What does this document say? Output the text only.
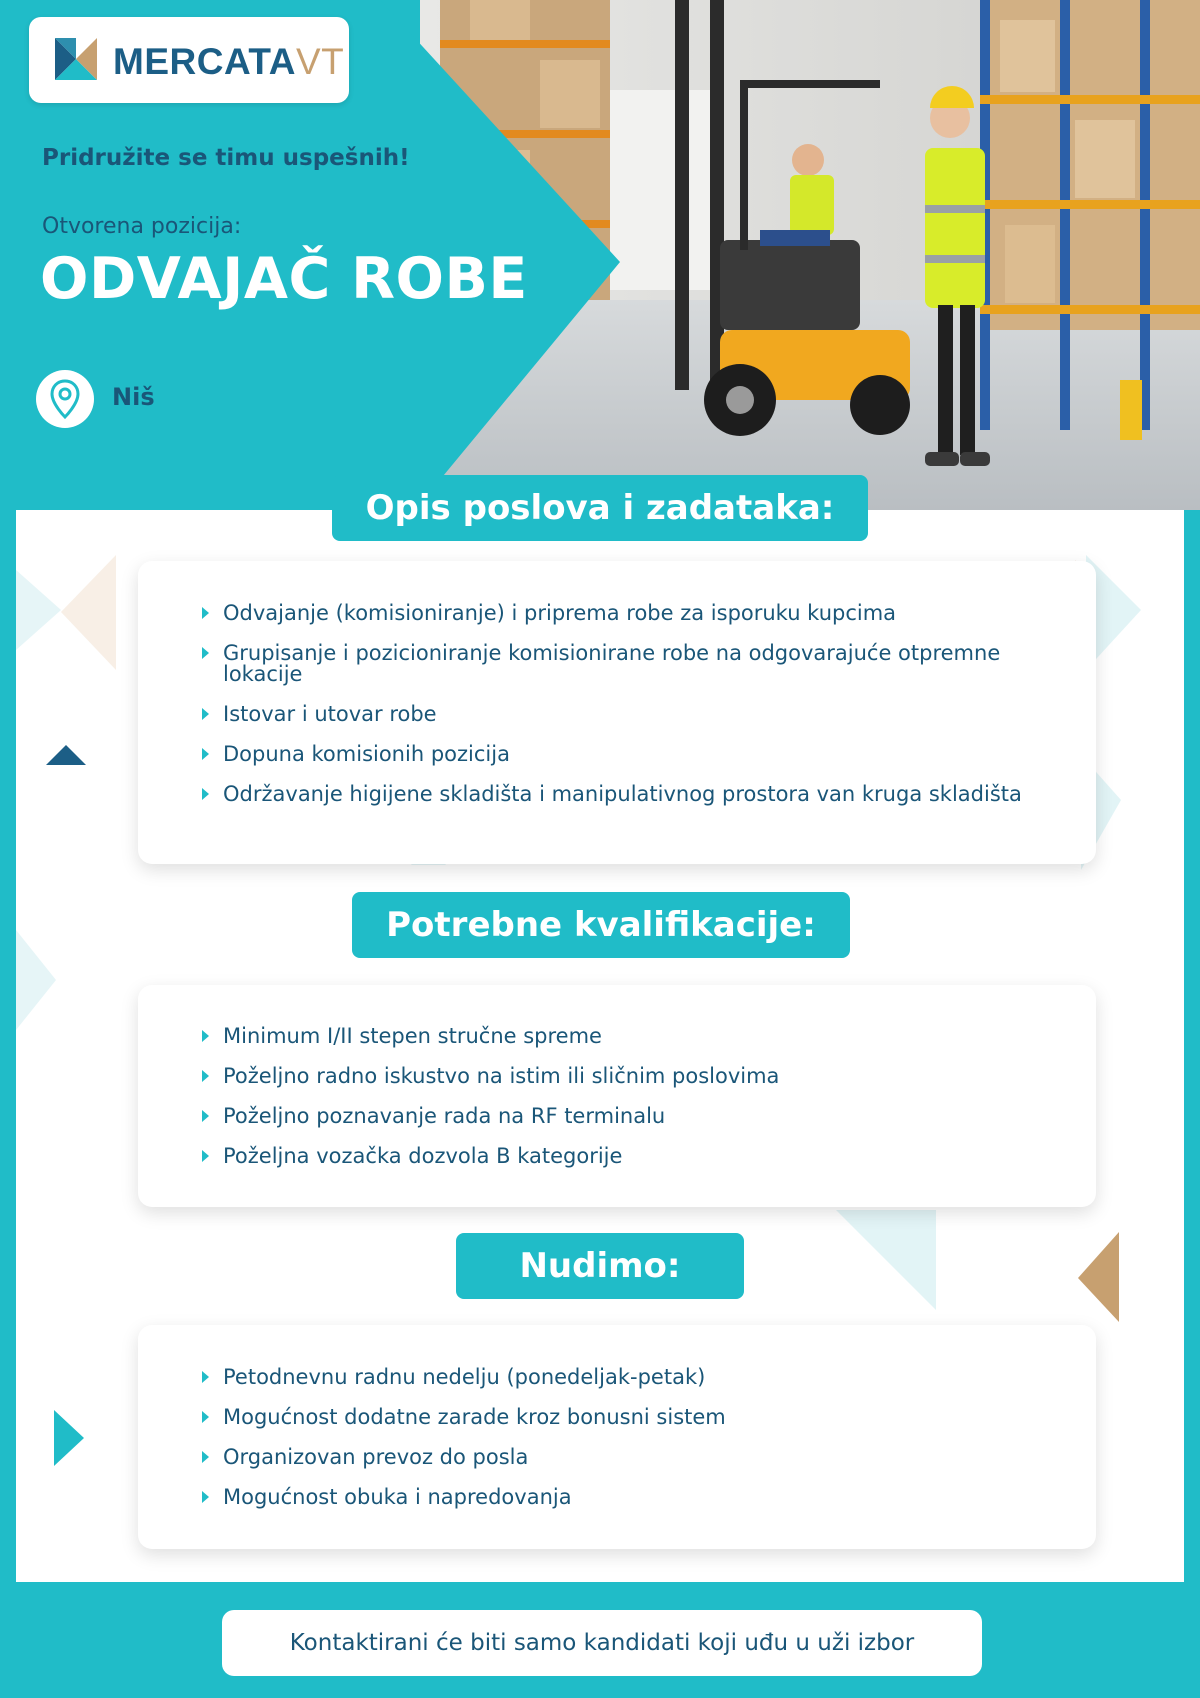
MERCATAVT
Pridružite se timu uspešnih!
Otvorena pozicija:
ODVAJAČ ROBE
Niš
Opis poslova i zadataka:
Odvajanje (komisioniranje) i priprema robe za isporuku kupcima
Grupisanje i pozicioniranje komisionirane robe na odgovarajuće otpremne lokacije
Istovar i utovar robe
Dopuna komisionih pozicija
Održavanje higijene skladišta i manipulativnog prostora van kruga skladišta
Potrebne kvalifikacije:
Minimum I/II stepen stručne spreme
Poželjno radno iskustvo na istim ili sličnim poslovima
Poželjno poznavanje rada na RF terminalu
Poželjna vozačka dozvola B kategorije
Nudimo:
Petodnevnu radnu nedelju (ponedeljak-petak)
Mogućnost dodatne zarade kroz bonusni sistem
Organizovan prevoz do posla
Mogućnost obuka i napredovanja
Kontaktirani će biti samo kandidati koji uđu u uži izbor
